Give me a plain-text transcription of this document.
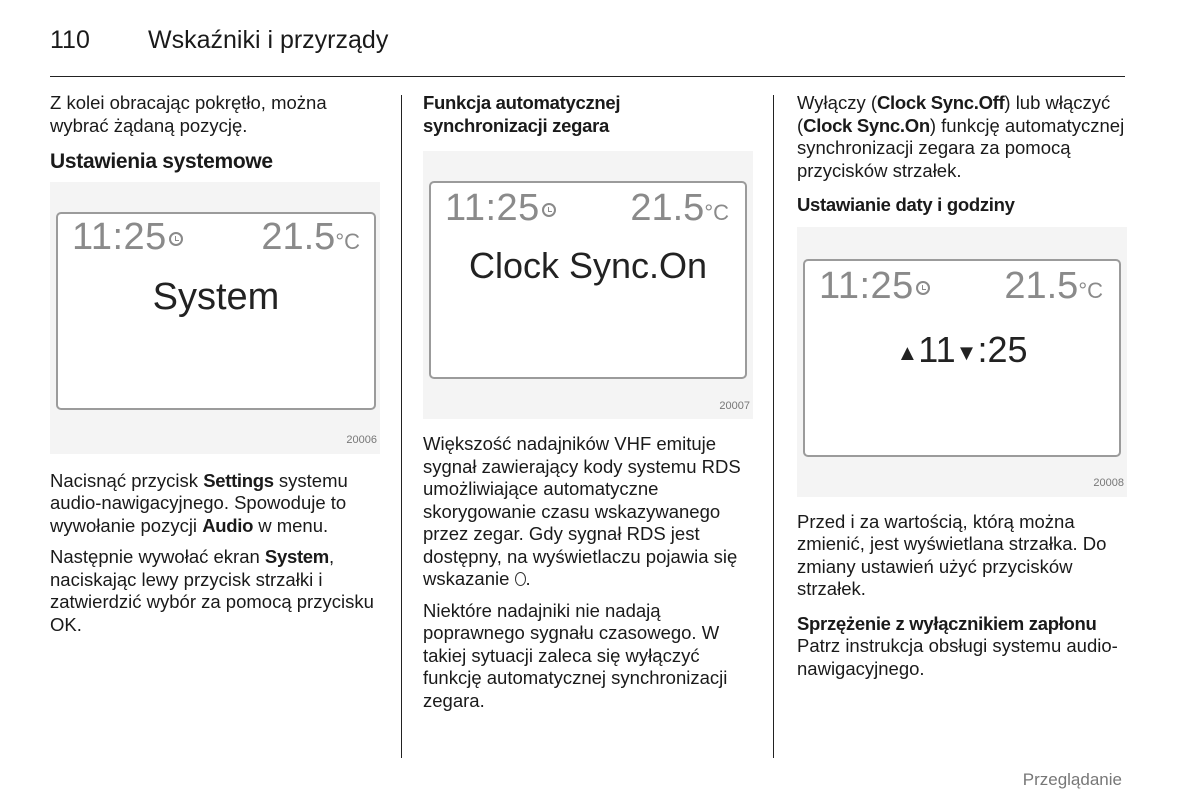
110 Wskaźniki i przyrządy

Z kolei obracając pokrętło, można wybrać żądaną pozycję.

Ustawienia systemowe
11:25	21.5°C
System
20006

Nacisnąć przycisk Settings systemu audio-nawigacyjnego. Spowoduje to wywołanie pozycji Audio w menu.

Następnie wywołać ekran System, naciskając lewy przycisk strzałki i zatwierdzić wybór za pomocą przycisku OK.

Funkcja automatycznej synchronizacji zegara
11:25	21.5°C
Clock Sync.On
20007

Większość nadajników VHF emituje sygnał zawierający kody systemu RDS umożliwiające automatyczne skorygowanie czasu wskazywanego przez zegar. Gdy sygnał RDS jest dostępny, na wyświetlaczu pojawia się wskazanie .

Niektóre nadajniki nie nadają poprawnego sygnału czasowego. W takiej sytuacji zaleca się wyłączyć funkcję automatycznej synchronizacji zegara.

Wyłączy (Clock Sync.Off) lub włączyć (Clock Sync.On) funkcję automatycznej synchronizacji zegara za pomocą przycisków strzałek.

Ustawianie daty i godziny
11:25	21.5°C
▲11▼:25
20008

Przed i za wartością, którą można zmienić, jest wyświetlana strzałka. Do zmiany ustawień użyć przycisków strzałek.

Sprzężenie z wyłącznikiem zapłonu

Patrz instrukcja obsługi systemu audio-nawigacyjnego.

Przeglądanie
